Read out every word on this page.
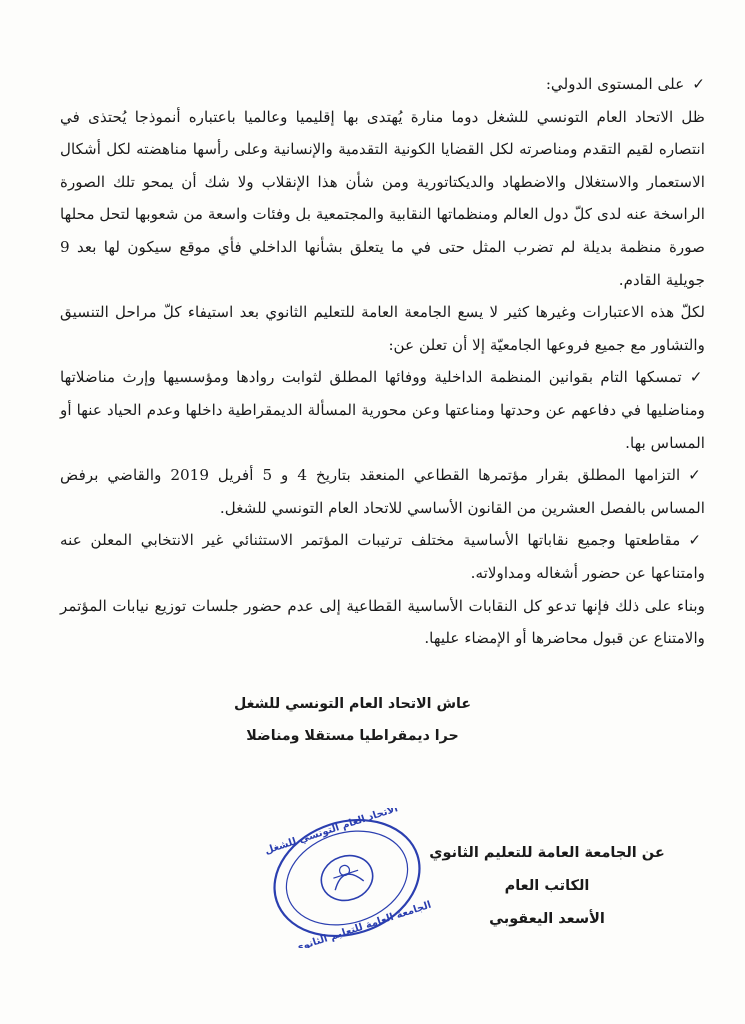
✓على المستوى الدولي:

ظل الاتحاد العام التونسي للشغل دوما منارة يُهتدى بها إقليميا وعالميا باعتباره أنموذجا يُحتذى في انتصاره لقيم التقدم ومناصرته لكل القضايا الكونية التقدمية والإنسانية وعلى رأسها مناهضته لكل أشكال الاستعمار والاستغلال والاضطهاد والديكتاتورية ومن شأن هذا الإنقلاب ولا شك أن يمحو تلك الصورة الراسخة عنه لدى كلّ دول العالم ومنظماتها النقابية والمجتمعية بل وفئات واسعة من شعوبها لتحل محلها صورة منظمة بديلة لم تضرب المثل حتى في ما يتعلق بشأنها الداخلي فأي موقع سيكون لها بعد 9 جويلية القادم.

لكلّ هذه الاعتبارات وغيرها كثير لا يسع الجامعة العامة للتعليم الثانوي بعد استيفاء كلّ مراحل التنسيق والتشاور مع جميع فروعها الجامعيّة إلا أن تعلن عن:

✓تمسكها التام بقوانين المنظمة الداخلية ووفائها المطلق لثوابت روادها ومؤسسيها وإرث مناضلاتها ومناضليها في دفاعهم عن وحدتها ومناعتها وعن محورية المسألة الديمقراطية داخلها وعدم الحياد عنها أو المساس بها.

✓التزامها المطلق بقرار مؤتمرها القطاعي المنعقد بتاريخ 4 و 5 أفريل 2019 والقاضي برفض المساس بالفصل العشرين من القانون الأساسي للاتحاد العام التونسي للشغل.

✓مقاطعتها وجميع نقاباتها الأساسية مختلف ترتيبات المؤتمر الاستثنائي غير الانتخابي المعلن عنه وامتناعها عن حضور أشغاله ومداولاته.

وبناء على ذلك فإنها تدعو كل النقابات الأساسية القطاعية إلى عدم حضور جلسات توزيع نيابات المؤتمر والامتناع عن قبول محاضرها أو الإمضاء عليها.

عاش الاتحاد العام التونسي للشغل
حرا ديمقراطيا مستقلا ومناضلا
الاتحاد العام التونسي للشغل
الجامعة العامة للتعليم الثانوي
عن الجامعة العامة للتعليم الثانوي
الكاتب العام
الأسعد اليعقوبي
